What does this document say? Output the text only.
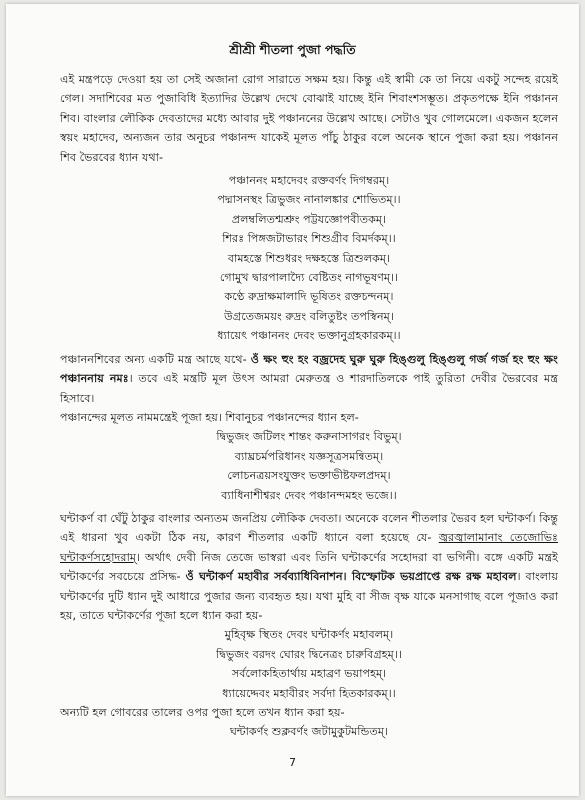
শ্রীশ্রী শীতলা পুজা পদ্ধতি

এই মন্ত্রপড়ে দেওয়া হয় তা সেই অজানা রোগ সারাতে সক্ষম হয়। কিন্তু এই স্বামী কে তা নিয়ে একটু সন্দেহ রয়েই গেল। সদাশিবের মত পুজাবিধি ইত্যাদির উল্লেখ দেখে বোঝাই যাচ্ছে ইনি শিবাংশসম্ভূত। প্রকৃতপক্ষে ইনি পঞ্চানন শিব। বাংলার লৌকিক দেবতাদের মধ্যে আবার দুই পঞ্চাননের উল্লেখ আছে। সেটাও খুব গোলমেলে। একজন হলেন স্বয়ং মহাদেব, অন্যজন তার অনুচর পঞ্চানন্দ যাকেই মূলত পাঁচু ঠাকুর বলে অনেক স্থানে পুজা করা হয়। পঞ্চানন শিব ভৈরবের ধ্যান যথা-

পঞ্চাননং মহাদেবং রক্তবর্ণং দিগম্বরম্।

পদ্মাসনস্থং ত্রিভুজং নানালঙ্কার শোভিতম্।।

প্রলম্বলিতশ্মশ্রুং পট্টযজ্ঞোপবীতকম্।

শিরঃ পিঙ্গজটাভারং শিশুগ্রীব বিমর্দকম্।।

বামহস্তে শিশুধরং দক্ষহস্তে ত্রিশুলকম্।

গোমুখ দ্বারপালাদ্যৈ বেষ্টিতং নাগভূষণম্।।

কণ্ঠে রুদ্রাক্ষমালাদি ভূষিতং রক্তচন্দনম্।

উগ্রতেজময়ং রুদ্রং বলিতুষ্টং তপস্বিনম্।

ধ্যায়েৎ পঞ্চাননং দেবং ভক্তানুগ্রহকারকম্।।

পঞ্চাননশিবের অন্য একটি মন্ত্র আছে যথে- ওঁ ক্ষং হুং হং বজ্রদেহ ঘুরু ঘুরু হিঙ্গুলু হিঙ্গুলু গর্জ গর্জ হং হুং ক্ষং পঞ্চাননায় নমঃ। তবে এই মন্ত্রটি মূল উৎস আমরা মেরুতন্ত্র ও শারদাতিলকে পাই তুরিতা দেবীর ভৈরবের মন্ত্র হিসাবে।

পঞ্চানন্দের মূলত নামমন্ত্রেই পূজা হয়। শিবানুচর পঞ্চানন্দের ধ্যান হল-

দ্বিভুজং জটিলং শান্তং করুনাসাগরং বিভুম্।

ব্যাঘ্রচর্মপরিধানং যজ্ঞসূত্রসমন্বিতম্।

লোচনত্রয়সংযুক্তং ভক্তাভীষ্টফলপ্রদম্।

ব্যাধিনাশীশ্বরং দেবং পঞ্চানন্দমহং ভজে।।

ঘন্টাকর্ণ বা ঘেঁটু ঠাকুর বাংলার অন্যতম জনপ্রিয় লৌকিক দেবতা। অনেকে বলেন শীতলার ভৈরব হল ঘন্টাকর্ণ। কিন্তু এই ধারনা খুব একটা ঠিক নয়, কারণ শীতলার একটি ধ্যানে বলা হয়েছে যে- জ্বরজ্বালামানাং তেজোভিঃ ঘন্টাকর্ণসহোদরাম্। অর্থাৎ দেবী নিজ তেজে ভাস্বরা এবং তিনি ঘন্টাকর্ণের সহোদরা বা ভগিনী। বঙ্গে একটি মন্ত্রই ঘন্টাকর্ণের সবচেয়ে প্রসিদ্ধ- ওঁ ঘন্টাকর্ণ মহাবীর সর্বব্যাধিবিনাশন। বিস্ফোটক ভয়প্রাপ্তে রক্ষ রক্ষ মহাবল। বাংলায় ঘন্টাকর্ণের দুটি ধ্যান দুই আধারে পুজার জন্য ব্যবহৃত হয়। যথা মুহি বা সীজ বৃক্ষ যাকে মনসাগাছ বলে পূজাও করা হয়, তাতে ঘন্টাকর্ণের পূজা হলে ধ্যান করা হয়-

মুহিবৃক্ষ স্থিতং দেবং ঘন্টাকর্ণং মহাবলম্।

দ্বিভুজং বরদং ঘোরং দ্বিনেত্রং চারুবিগ্রহম্।।

সর্বলোকহিতার্থায় মহাব্রণ ভয়াপহম্।

ধ্যায়েদ্দেবং মহাবীরং সর্বদা হিতকারকম্।।

অন্যটি হল গোবরের তালের ওপর পুজা হলে তখন ধ্যান করা হয়-

ঘন্টাকর্ণং শুক্লবর্ণং জটামুকুটমন্ডিতম্।

7
